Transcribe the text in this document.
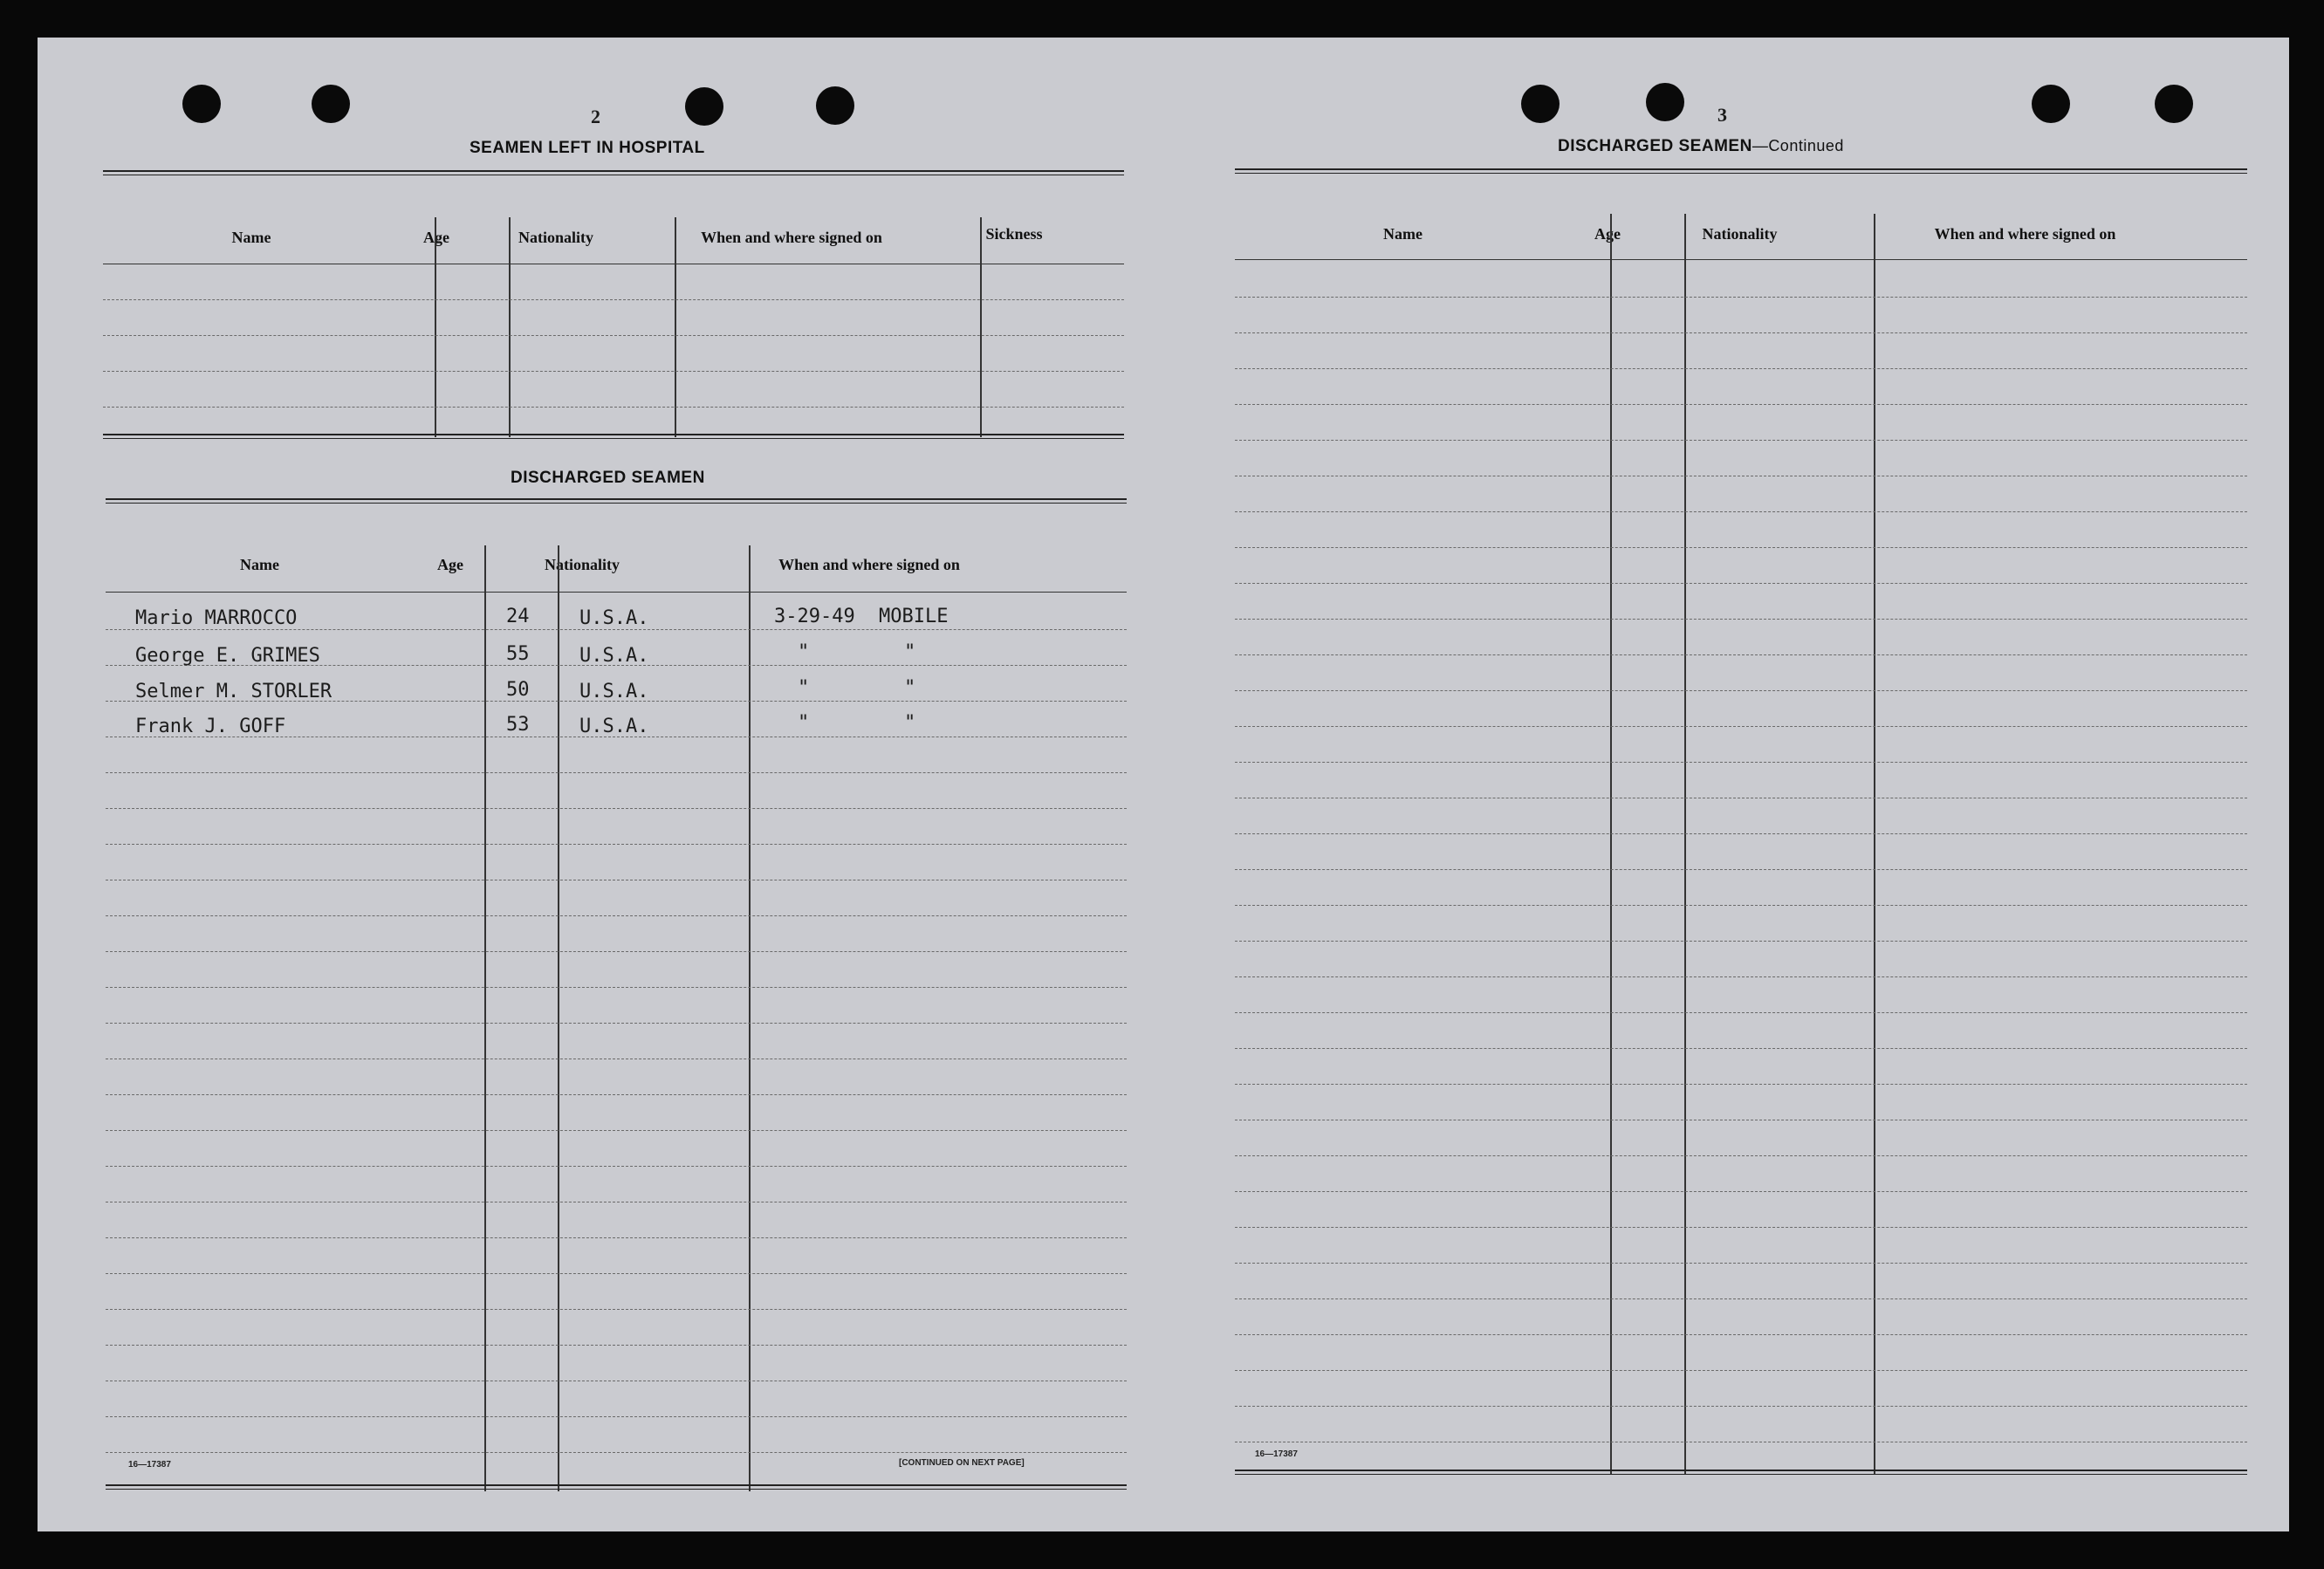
2
SEAMEN LEFT IN HOSPITAL
Name	Age	Nationality	When and where signed on	Sickness
DISCHARGED SEAMEN
Name	Age	Nationality	When and where signed on
Mario MARROCCO	24	U.S.A.	3-29-49 MOBILE
George E. GRIMES	55	U.S.A.	"	"
Selmer M. STORLER	50	U.S.A.	"	"
Frank J. GOFF	53	U.S.A.	"	"
16—17387	[CONTINUED ON NEXT PAGE]
3
DISCHARGED SEAMEN—Continued
Name	Age	Nationality	When and where signed on
16—17387
